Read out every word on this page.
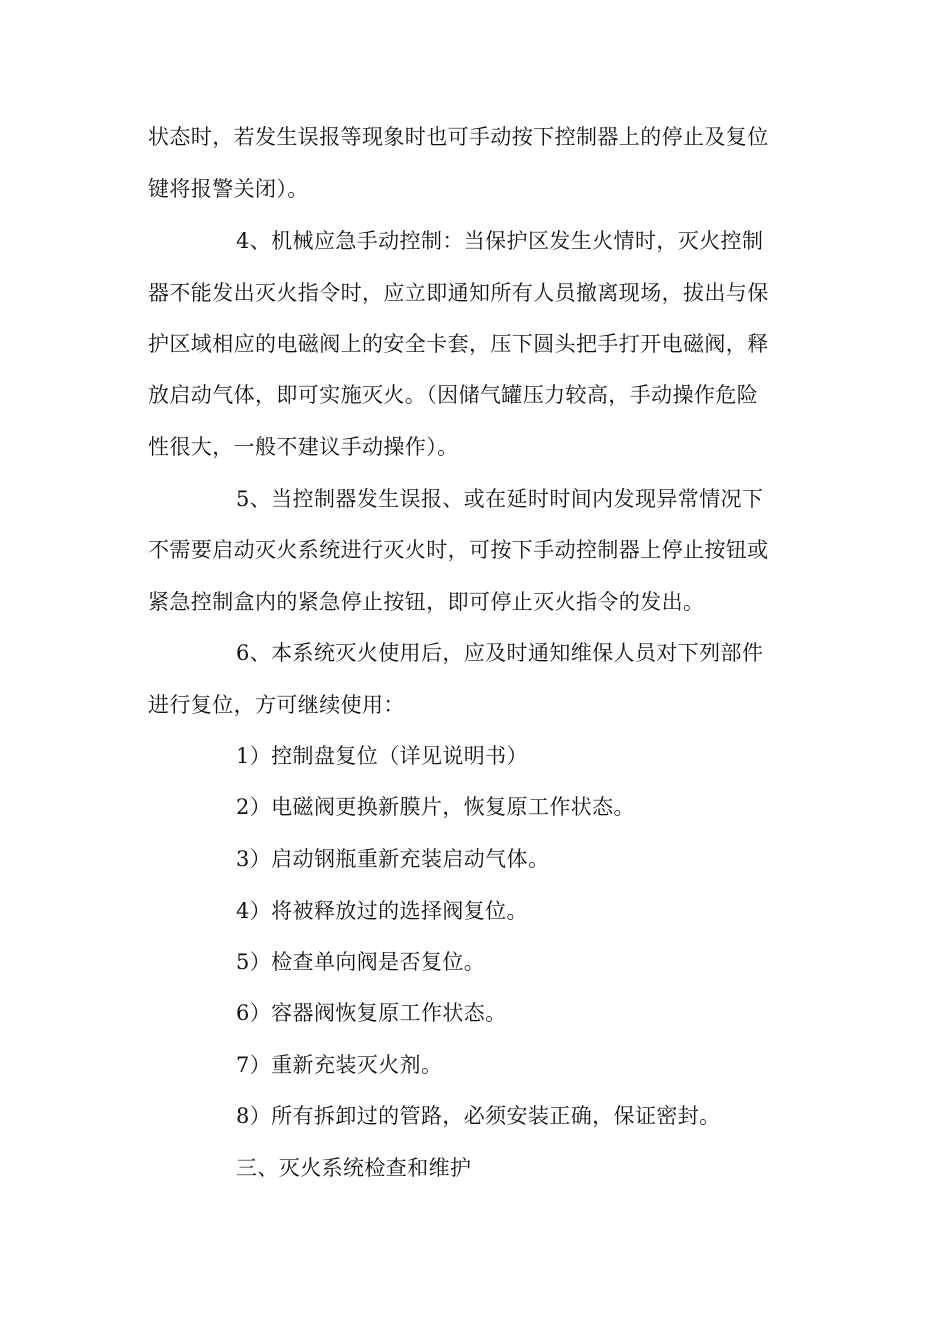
状态时，若发生误报等现象时也可手动按下控制器上的停止及复位
键将报警关闭）。
4、机械应急手动控制：当保护区发生火情时，灭火控制
器不能发出灭火指令时，应立即通知所有人员撤离现场，拔出与保
护区域相应的电磁阀上的安全卡套，压下圆头把手打开电磁阀，释
放启动气体，即可实施灭火。（因储气罐压力较高，手动操作危险
性很大，一般不建议手动操作）。
5、当控制器发生误报、或在延时时间内发现异常情况下
不需要启动灭火系统进行灭火时，可按下手动控制器上停止按钮或
紧急控制盒内的紧急停止按钮，即可停止灭火指令的发出。
6、本系统灭火使用后，应及时通知维保人员对下列部件
进行复位，方可继续使用：
1）控制盘复位（详见说明书）
2）电磁阀更换新膜片，恢复原工作状态。
3）启动钢瓶重新充装启动气体。
4）将被释放过的选择阀复位。
5）检查单向阀是否复位。
6）容器阀恢复原工作状态。
7）重新充装灭火剂。
8）所有拆卸过的管路，必须安装正确，保证密封。
三、灭火系统检查和维护
